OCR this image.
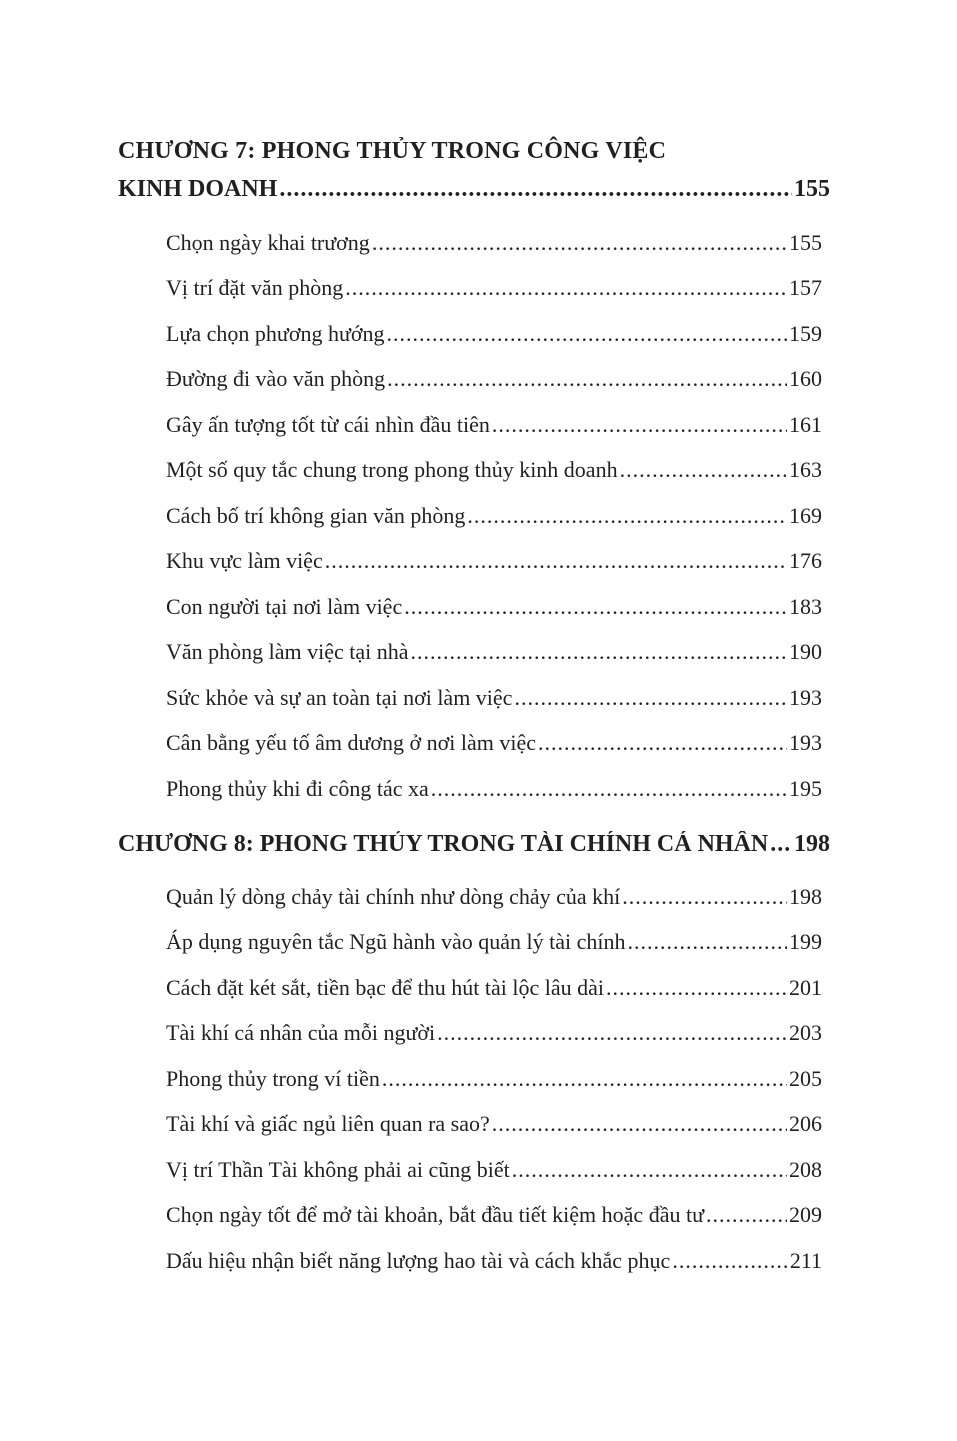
CHƯƠNG 7: PHONG THỦY TRONG CÔNG VIỆC
KINH DOANH .....	155
Chọn ngày khai trương .....	155
Vị trí đặt văn phòng .....	157
Lựa chọn phương hướng .....	159
Đường đi vào văn phòng .....	160
Gây ấn tượng tốt từ cái nhìn đầu tiên .....	161
Một số quy tắc chung trong phong thủy kinh doanh .....	163
Cách bố trí không gian văn phòng .....	169
Khu vực làm việc .....	176
Con người tại nơi làm việc .....	183
Văn phòng làm việc tại nhà .....	190
Sức khỏe và sự an toàn tại nơi làm việc .....	193
Cân bằng yếu tố âm dương ở nơi làm việc .....	193
Phong thủy khi đi công tác xa .....	195
CHƯƠNG 8: PHONG THỦY TRONG TÀI CHÍNH CÁ NHÂN ..... 198
Quản lý dòng chảy tài chính như dòng chảy của khí .....	198
Áp dụng nguyên tắc Ngũ hành vào quản lý tài chính .....	199
Cách đặt két sắt, tiền bạc để thu hút tài lộc lâu dài .....	201
Tài khí cá nhân của mỗi người .....	203
Phong thủy trong ví tiền .....	205
Tài khí và giấc ngủ liên quan ra sao? .....	206
Vị trí Thần Tài không phải ai cũng biết .....	208
Chọn ngày tốt để mở tài khoản, bắt đầu tiết kiệm hoặc đầu tư .....	209
Dấu hiệu nhận biết năng lượng hao tài và cách khắc phục .....	211
